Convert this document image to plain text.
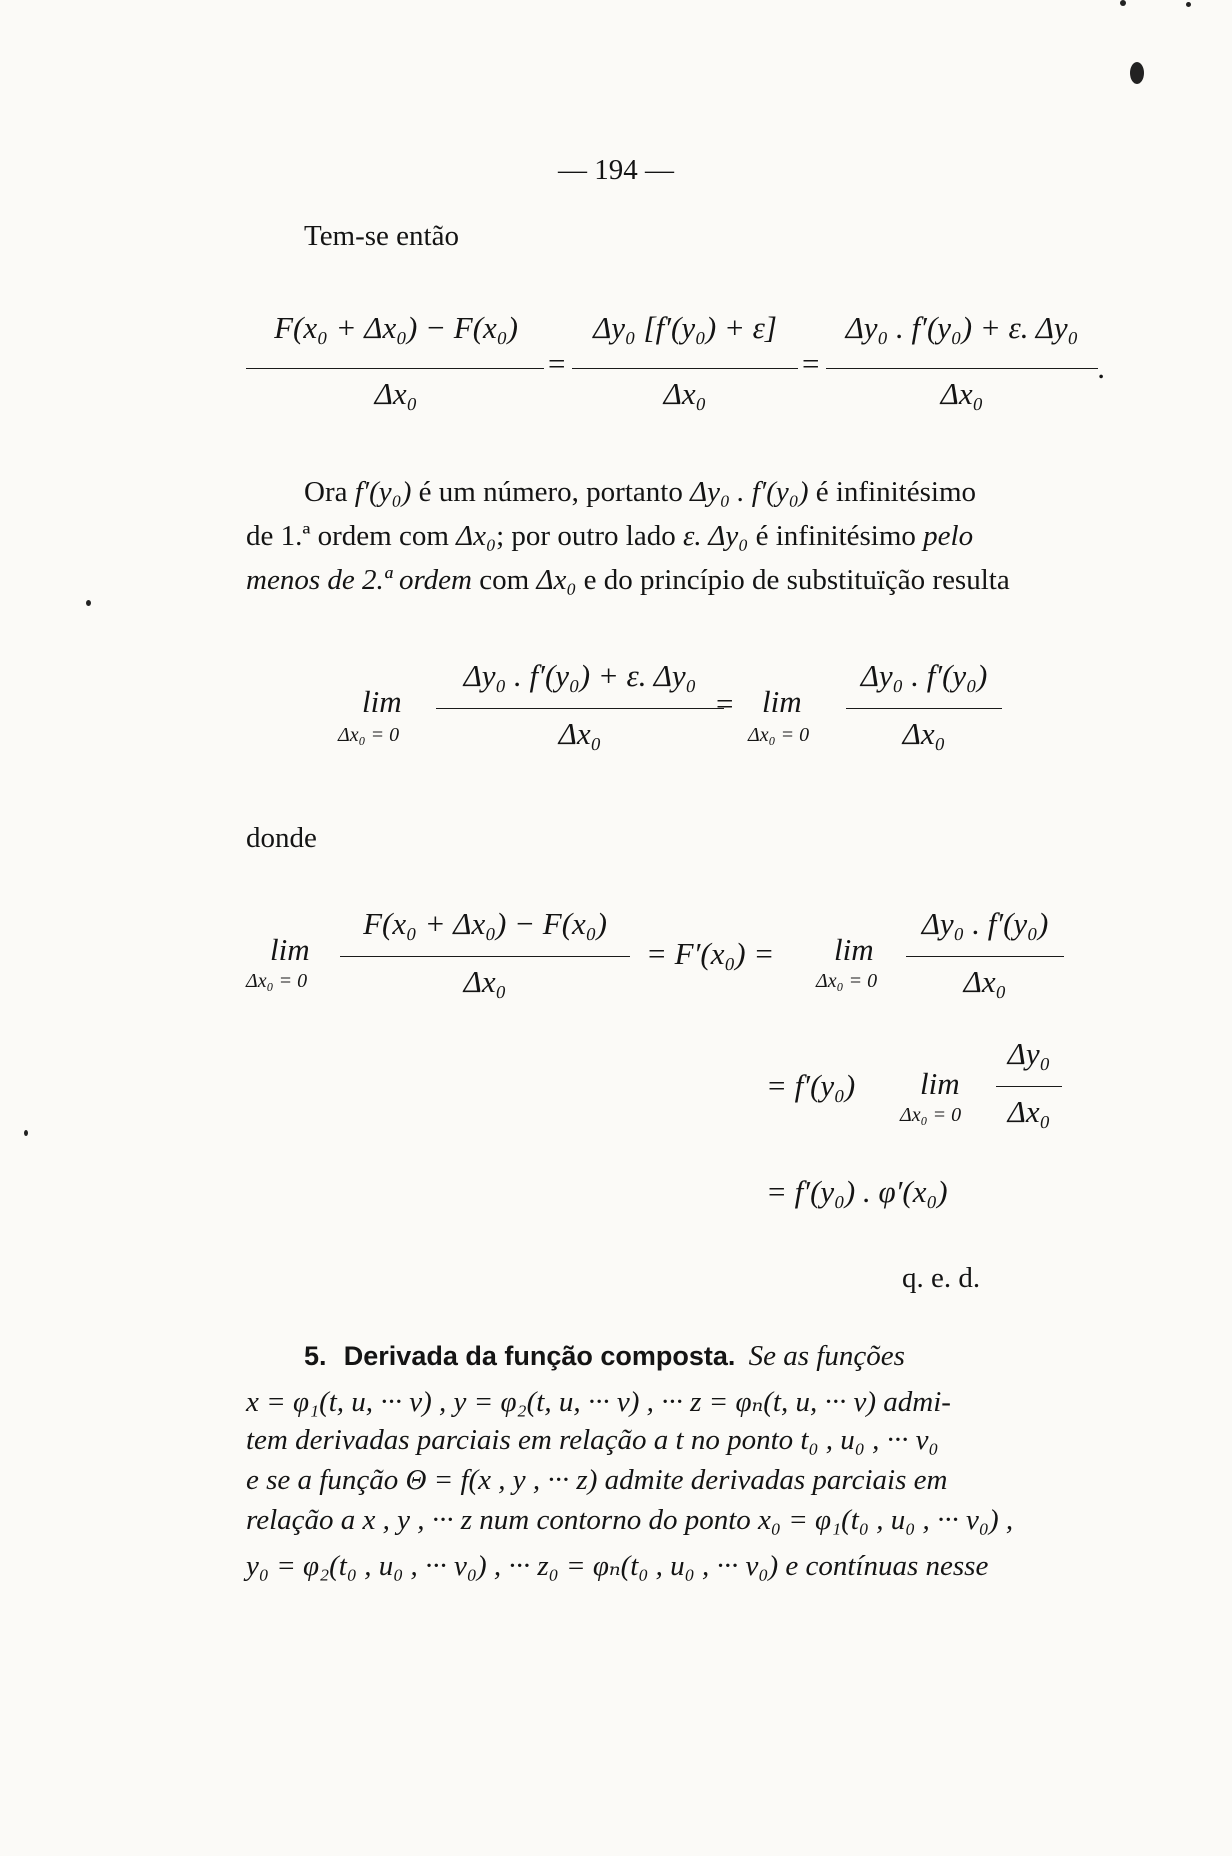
— 194 —
Tem-se então
F(x₀ + Δx₀) − F(x₀)
Δx₀
=
Δy₀ [f′(y₀) + ε]
Δx₀
=
Δy₀ . f′(y₀) + ε. Δy₀
Δx₀
.
Ora f′(y₀) é um número, portanto Δy₀ . f′(y₀) é infinitésimo
de 1.ª ordem com Δx₀; por outro lado ε. Δy₀ é infinitésimo pelo
menos de 2.ª ordem com Δx₀ e do princípio de substituïção resulta
lim
Δx₀ = 0
Δy₀ . f′(y₀) + ε. Δy₀
Δx₀
= lim
Δx₀ = 0
Δy₀ . f′(y₀)
Δx₀
donde
lim
Δx₀ = 0
F(x₀ + Δx₀) − F(x₀)
Δx₀
= F′(x₀) = lim
Δx₀ = 0
Δy₀ . f′(y₀)
Δx₀
= f′(y₀) lim
Δx₀ = 0
Δy₀
Δx₀
= f′(y₀) . φ′(x₀)
q. e. d.
5. Derivada da função composta. Se as funções
x = φ₁(t, u, ··· v) , y = φ₂(t, u, ··· v) , ··· z = φₙ(t, u, ··· v) admi-
tem derivadas parciais em relação a t no ponto t₀ , u₀ , ··· v₀
e se a função Θ = f(x , y , ··· z) admite derivadas parciais em
relação a x , y , ··· z num contorno do ponto x₀ = φ₁(t₀ , u₀ , ··· v₀) ,
y₀ = φ₂(t₀ , u₀ , ··· v₀) , ··· z₀ = φₙ(t₀ , u₀ , ··· v₀) e contínuas nesse
